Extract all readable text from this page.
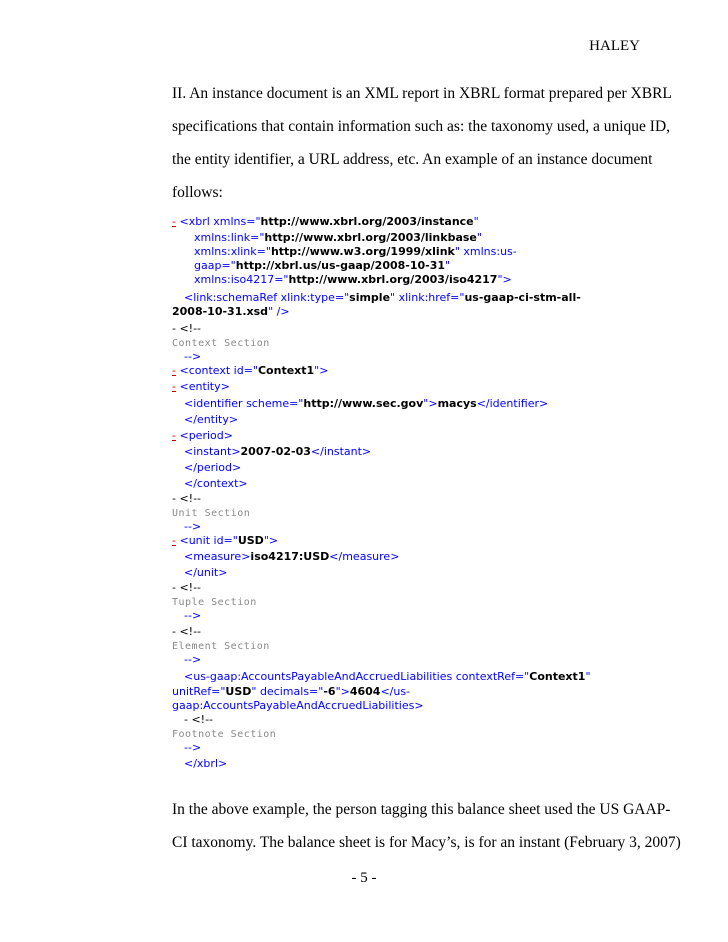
HALEY
II. An instance document is an XML report in XBRL format prepared per XBRL
specifications that contain information such as: the taxonomy used, a unique ID,
the entity identifier, a URL address, etc. An example of an instance document
follows:
- <xbrl xmlns="http://www.xbrl.org/2003/instance"
xmlns:link="http://www.xbrl.org/2003/linkbase"
xmlns:xlink="http://www.w3.org/1999/xlink" xmlns:us-
gaap="http://xbrl.us/us-gaap/2008-10-31"
xmlns:iso4217="http://www.xbrl.org/2003/iso4217">
<link:schemaRef xlink:type="simple" xlink:href="us-gaap-ci-stm-all-
2008-10-31.xsd" />
- <!--
Context Section
-->
- <context id="Context1">
- <entity>
<identifier scheme="http://www.sec.gov">macys</identifier>
</entity>
- <period>
<instant>2007-02-03</instant>
</period>
</context>
- <!--
Unit Section
-->
- <unit id="USD">
<measure>iso4217:USD</measure>
</unit>
- <!--
Tuple Section
-->
- <!--
Element Section
-->
<us-gaap:AccountsPayableAndAccruedLiabilities contextRef="Context1"
unitRef="USD" decimals="-6">4604</us-
gaap:AccountsPayableAndAccruedLiabilities>
- <!--
Footnote Section
-->
</xbrl>
In the above example, the person tagging this balance sheet used the US GAAP-
CI taxonomy. The balance sheet is for Macy’s, is for an instant (February 3, 2007)
- 5 -
